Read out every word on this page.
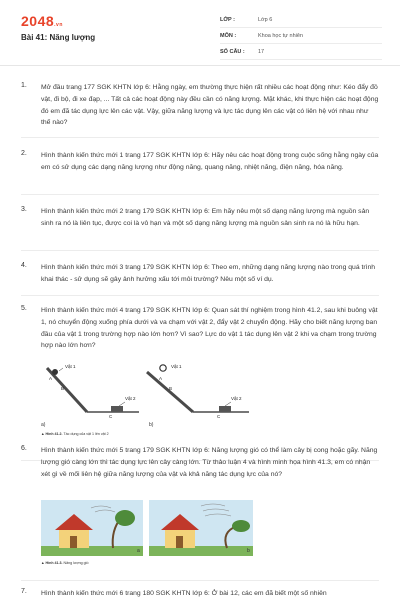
2048.vn
Bài 41: Năng lượng
LỚP :	Lớp 6
MÔN :	Khoa học tự nhiên
SỐ CÂU :	17
1. Mở đầu trang 177 SGK KHTN lớp 6: Hằng ngày, em thường thực hiện rất nhiều các hoạt động như: Kéo đẩy đồ vật, đi bộ, đi xe đạp, ... Tất cả các hoạt động này đều cần có năng lượng. Mặt khác, khi thực hiện các hoạt động đó em đã tác dụng lực lên các vật. Vậy, giữa năng lượng và lực tác dụng lên các vật có liên hệ với nhau như thế nào?
2. Hình thành kiến thức mới 1 trang 177 SGK KHTN lớp 6: Hãy nêu các hoạt động trong cuộc sống hằng ngày của em có sử dụng các dạng năng lượng như động năng, quang năng, nhiệt năng, điện năng, hóa năng.
3. Hình thành kiến thức mới 2 trang 179 SGK KHTN lớp 6: Em hãy nêu một số dạng năng lượng mà nguồn sản sinh ra nó là liên tục, được coi là vô hạn và một số dạng năng lượng mà nguồn sản sinh ra nó là hữu hạn.
4. Hình thành kiến thức mới 3 trang 179 SGK KHTN lớp 6: Theo em, những dạng năng lượng nào trong quá trình khai thác - sử dụng sẽ gây ảnh hưởng xấu tới môi trường? Nêu một số ví dụ.
5. Hình thành kiến thức mới 4 trang 179 SGK KHTN lớp 6: Quan sát thí nghiệm trong hình 41.2, sau khi buông vật 1, nó chuyển động xuống phía dưới và va chạm với vật 2, đẩy vật 2 chuyển động. Hãy cho biết năng lượng ban đầu của vật 1 trong trường hợp nào lớn hơn? Vì sao? Lực do vật 1 tác dụng lên vật 2 khi va chạm trong trường hợp nào lớn hơn?
Vật 1
Vật 2
A
B
C
Vật 1
Vật 2
A
B
C
a)	b)
▲ Hình 41.2. Tác dụng của vật 1 lên vật 2
6. Hình thành kiến thức mới 5 trang 179 SGK KHTN lớp 6: Năng lượng gió có thể làm cây bị cong hoặc gãy. Năng lượng gió càng lớn thì tác dụng lực lên cây càng lớn. Từ thảo luận 4 và hình minh họa hình 41.3, em có nhận xét gì về mối liên hệ giữa năng lượng của vật và khả năng tác dụng lực của nó?
a	b
▲ Hình 41.3. Năng lượng gió
7. Hình thành kiến thức mới 6 trang 180 SGK KHTN lớp 6: Ở bài 12, các em đã biết một số nhiên
